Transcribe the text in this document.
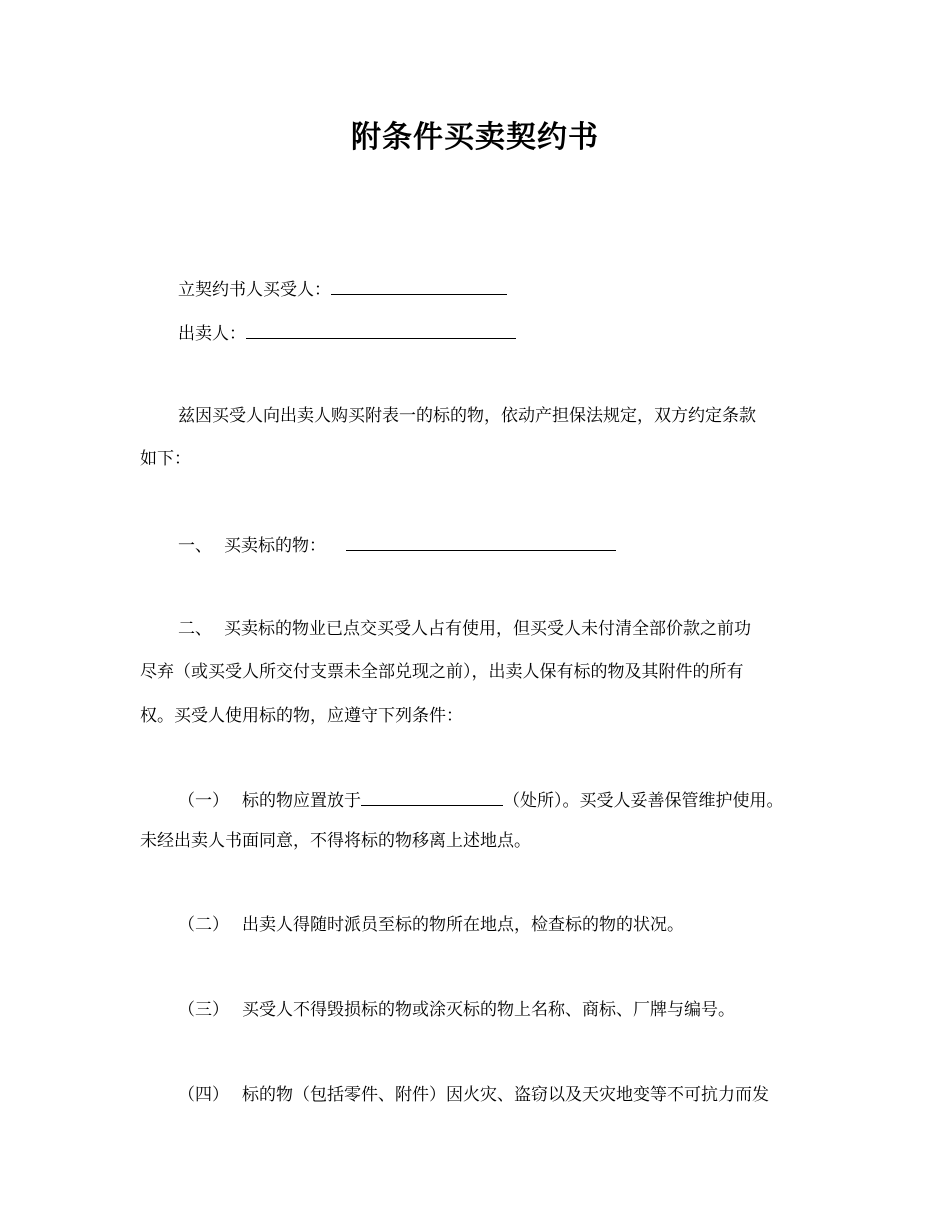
附条件买卖契约书
立契约书人买受人：
出卖人：
兹因买受人向出卖人购买附表一的标的物，依动产担保法规定，双方约定条款
如下：
一、 买卖标的物：
二、 买卖标的物业已点交买受人占有使用，但买受人未付清全部价款之前功
尽弃（或买受人所交付支票未全部兑现之前），出卖人保有标的物及其附件的所有
权。买受人使用标的物，应遵守下列条件：
（一） 标的物应置放于	（处所）。买受人妥善保管维护使用。
未经出卖人书面同意，不得将标的物移离上述地点。
（二） 出卖人得随时派员至标的物所在地点，检查标的物的状况。
（三） 买受人不得毁损标的物或涂灭标的物上名称、商标、厂牌与编号。
（四） 标的物（包括零件、附件）因火灾、盗窃以及天灾地变等不可抗力而发
